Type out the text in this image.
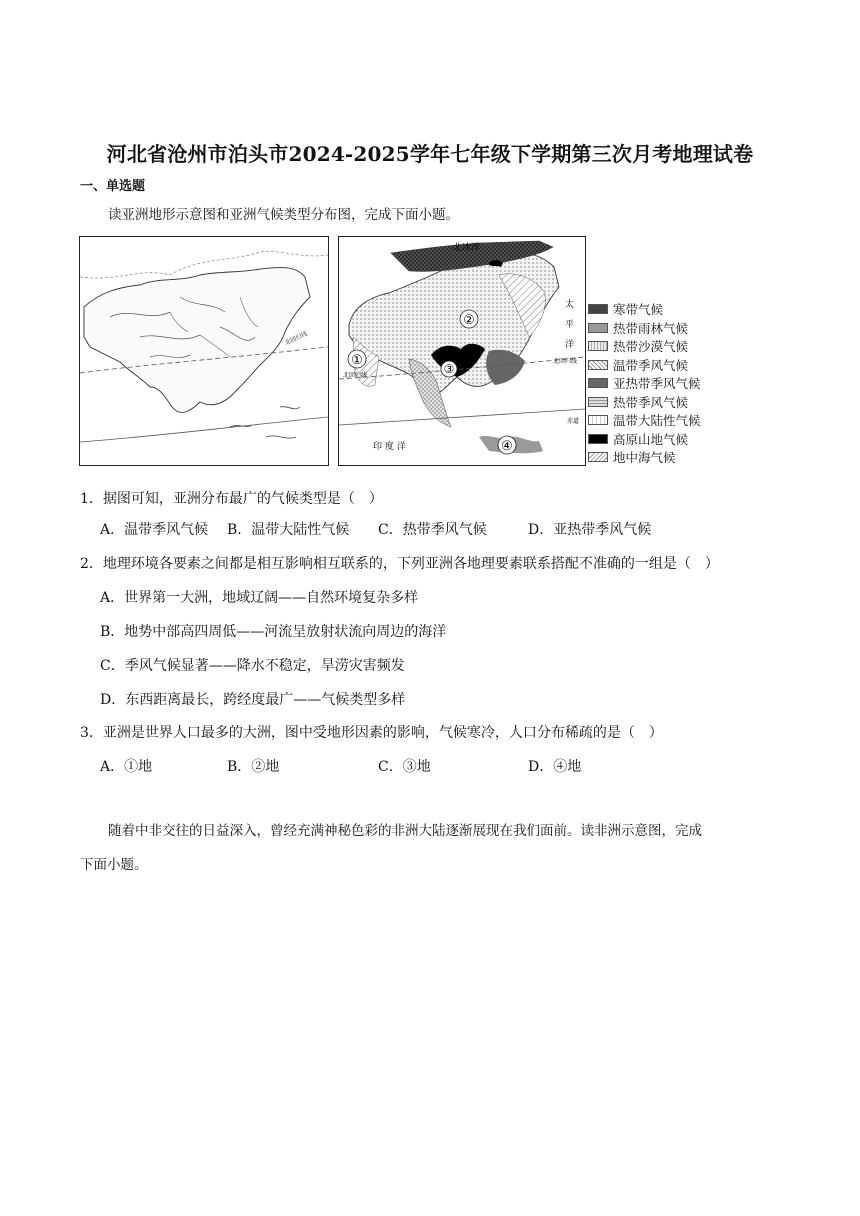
河北省沧州市泊头市2024-2025学年七年级下学期第三次月考地理试卷
一、单选题
读亚洲地形示意图和亚洲气候类型分布图，完成下面小题。
北回归线
北冰洋
太
平
洋
印 度 洋
北回归线
北回归线
赤道
①
②
③
④
寒带气候
热带雨林气候
热带沙漠气候
温带季风气候
亚热带季风气候
热带季风气候
温带大陆性气候
高原山地气候
地中海气候
1．据图可知，亚洲分布最广的气候类型是（　）
A．温带季风气候 B．温带大陆性气候 C．热带季风气候	D．亚热带季风气候
2．地理环境各要素之间都是相互影响相互联系的，下列亚洲各地理要素联系搭配不准确的一组是（　）
A．世界第一大洲，地域辽阔——自然环境复杂多样
B．地势中部高四周低——河流呈放射状流向周边的海洋
C．季风气候显著——降水不稳定，旱涝灾害频发
D．东西距离最长，跨经度最广——气候类型多样
3．亚洲是世界人口最多的大洲，图中受地形因素的影响，气候寒冷，人口分布稀疏的是（　）
A．①地	B．②地	C．③地	D．④地
随着中非交往的日益深入，曾经充满神秘色彩的非洲大陆逐渐展现在我们面前。读非洲示意图，完成
下面小题。
